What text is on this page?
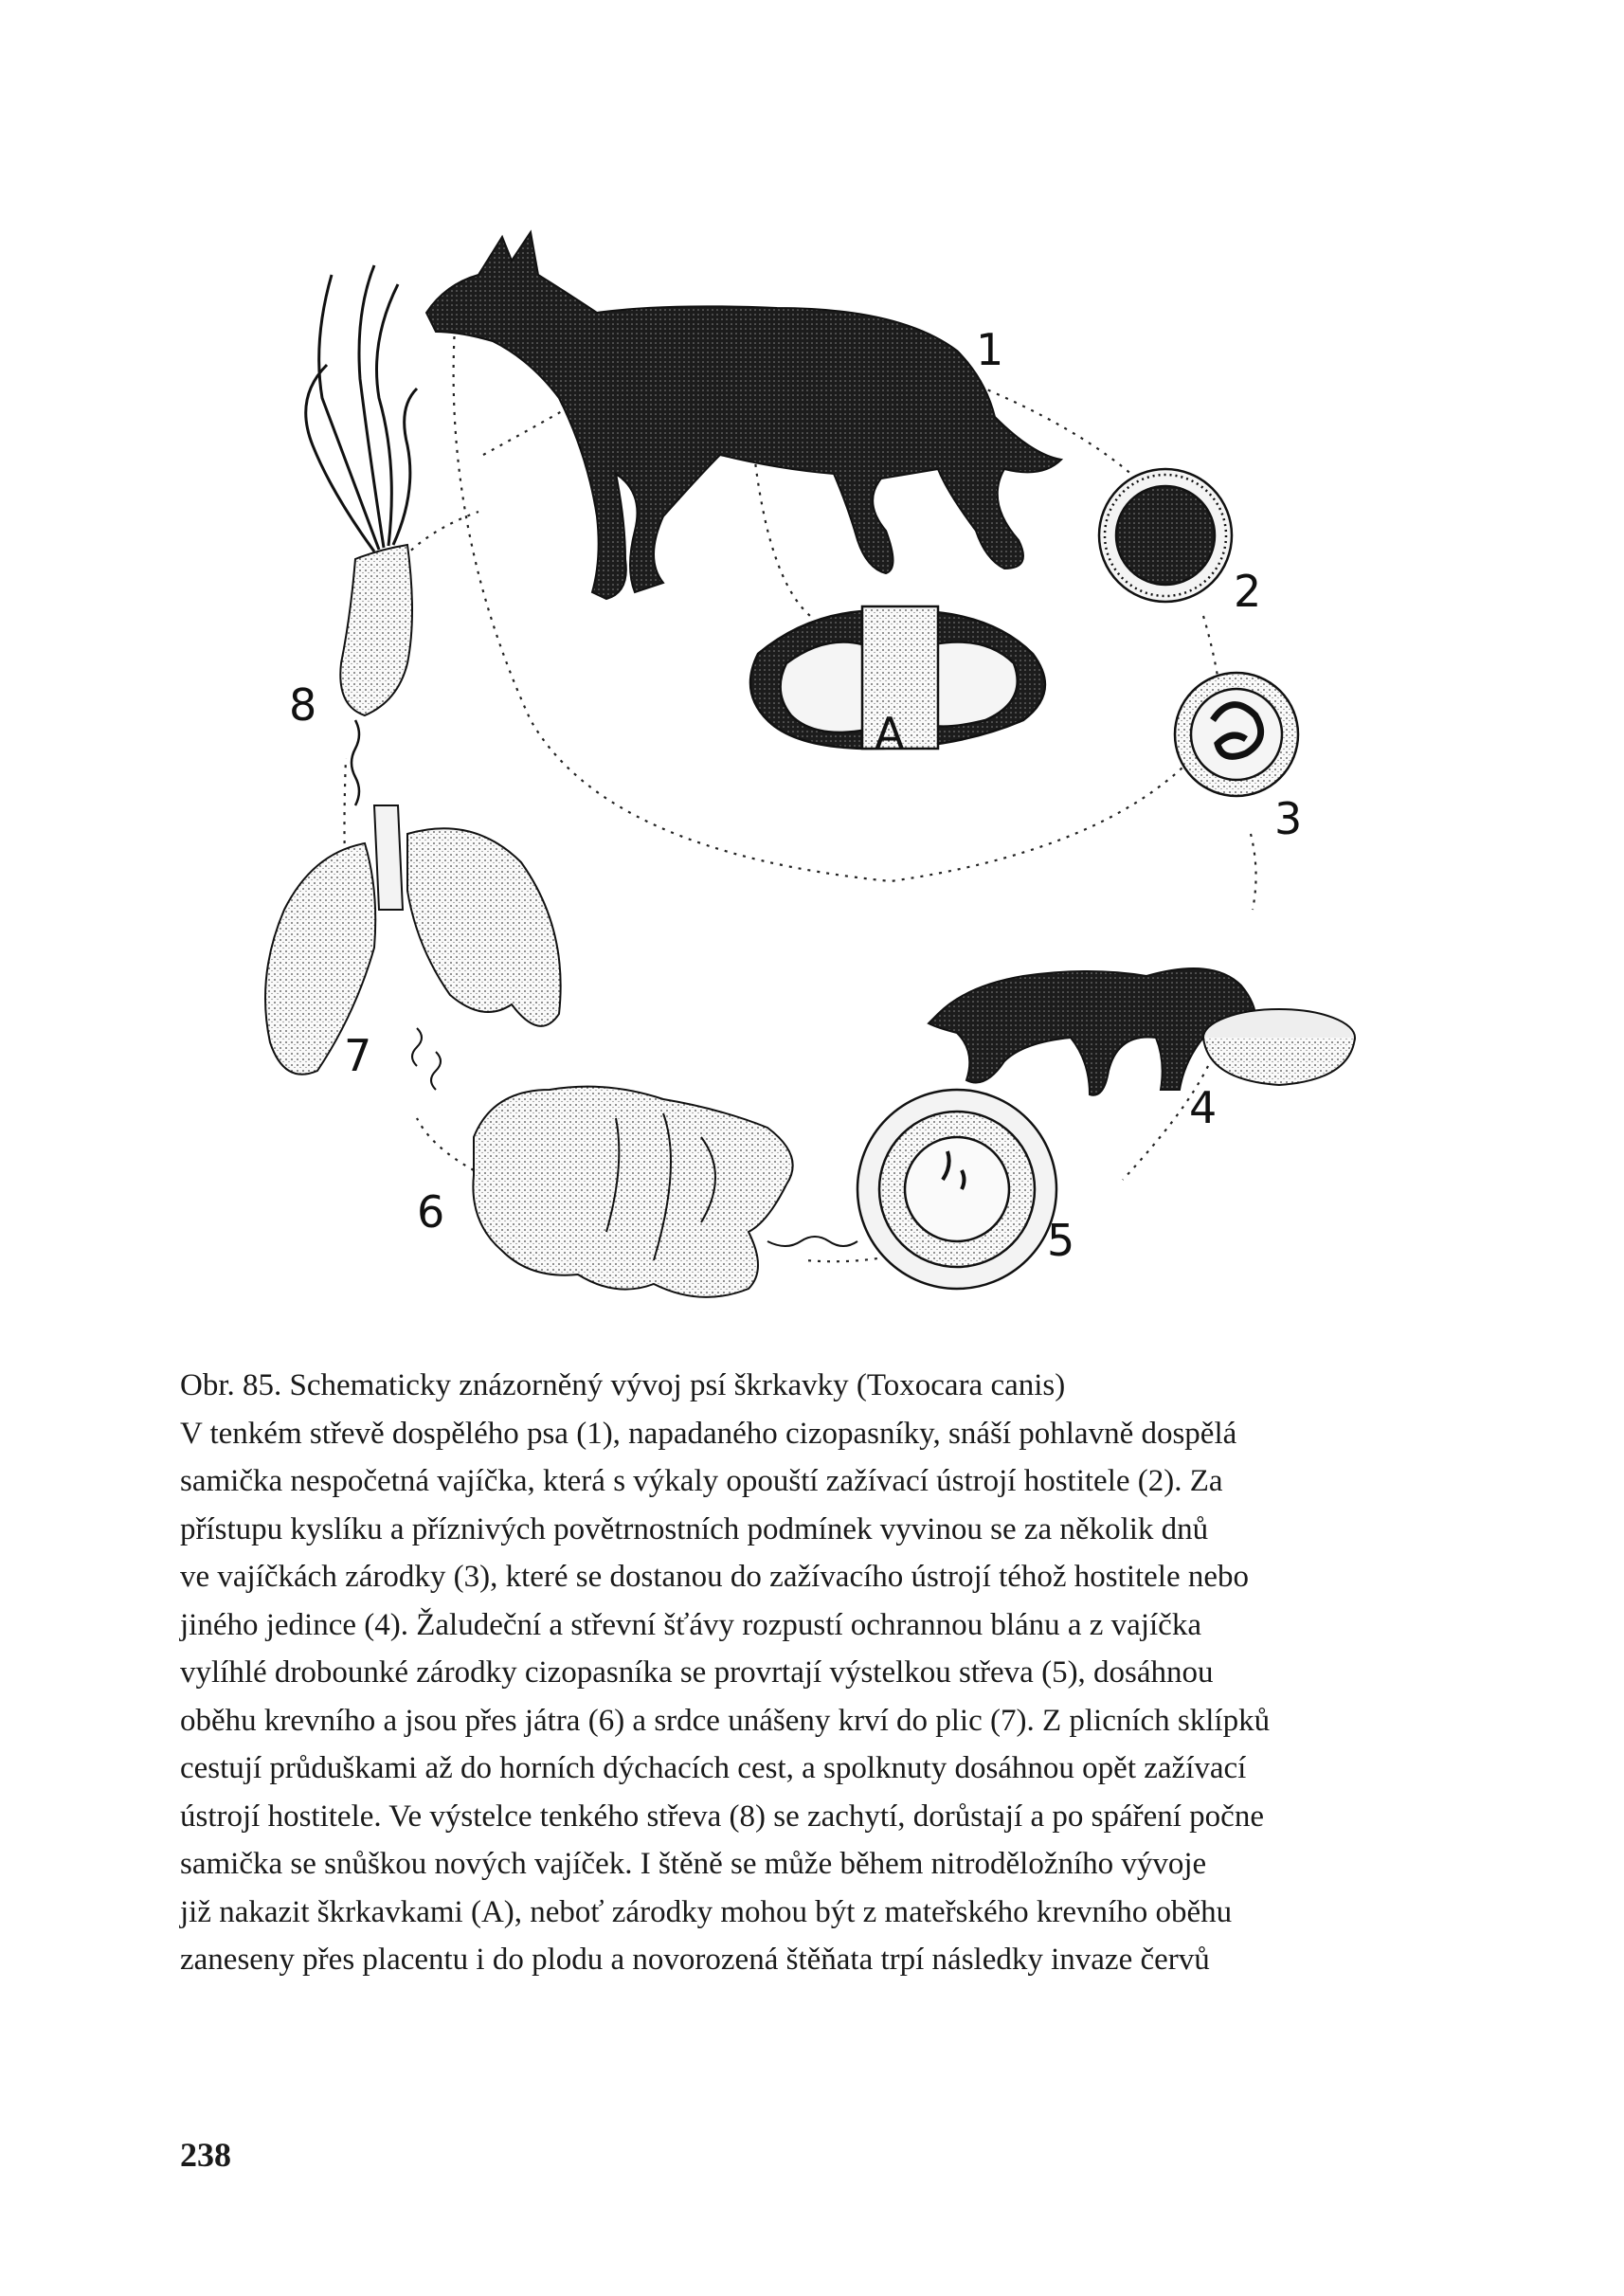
1
2
3
4
5
6
7
8
A
Obr. 85. Schematicky znázorněný vývoj psí škrkavky (Toxocara canis)
V tenkém střevě dospělého psa (1), napadaného cizopasníky, snáší pohlavně dospělá
samička nespočetná vajíčka, která s výkaly opouští zažívací ústrojí hostitele (2). Za
přístupu kyslíku a příznivých povětrnostních podmínek vyvinou se za několik dnů
ve vajíčkách zárodky (3), které se dostanou do zažívacího ústrojí téhož hostitele nebo
jiného jedince (4). Žaludeční a střevní šťávy rozpustí ochrannou blánu a z vajíčka
vylíhlé drobounké zárodky cizopasníka se provrtají výstelkou střeva (5), dosáhnou
oběhu krevního a jsou přes játra (6) a srdce unášeny krví do plic (7). Z plicních sklípků
cestují průduškami až do horních dýchacích cest, a spolknuty dosáhnou opět zažívací
ústrojí hostitele. Ve výstelce tenkého střeva (8) se zachytí, dorůstají a po spáření počne
samička se snůškou nových vajíček. I štěně se může během nitroděložního vývoje
již nakazit škrkavkami (A), neboť zárodky mohou být z mateřského krevního oběhu
zaneseny přes placentu i do plodu a novorozená štěňata trpí následky invaze červů
238
